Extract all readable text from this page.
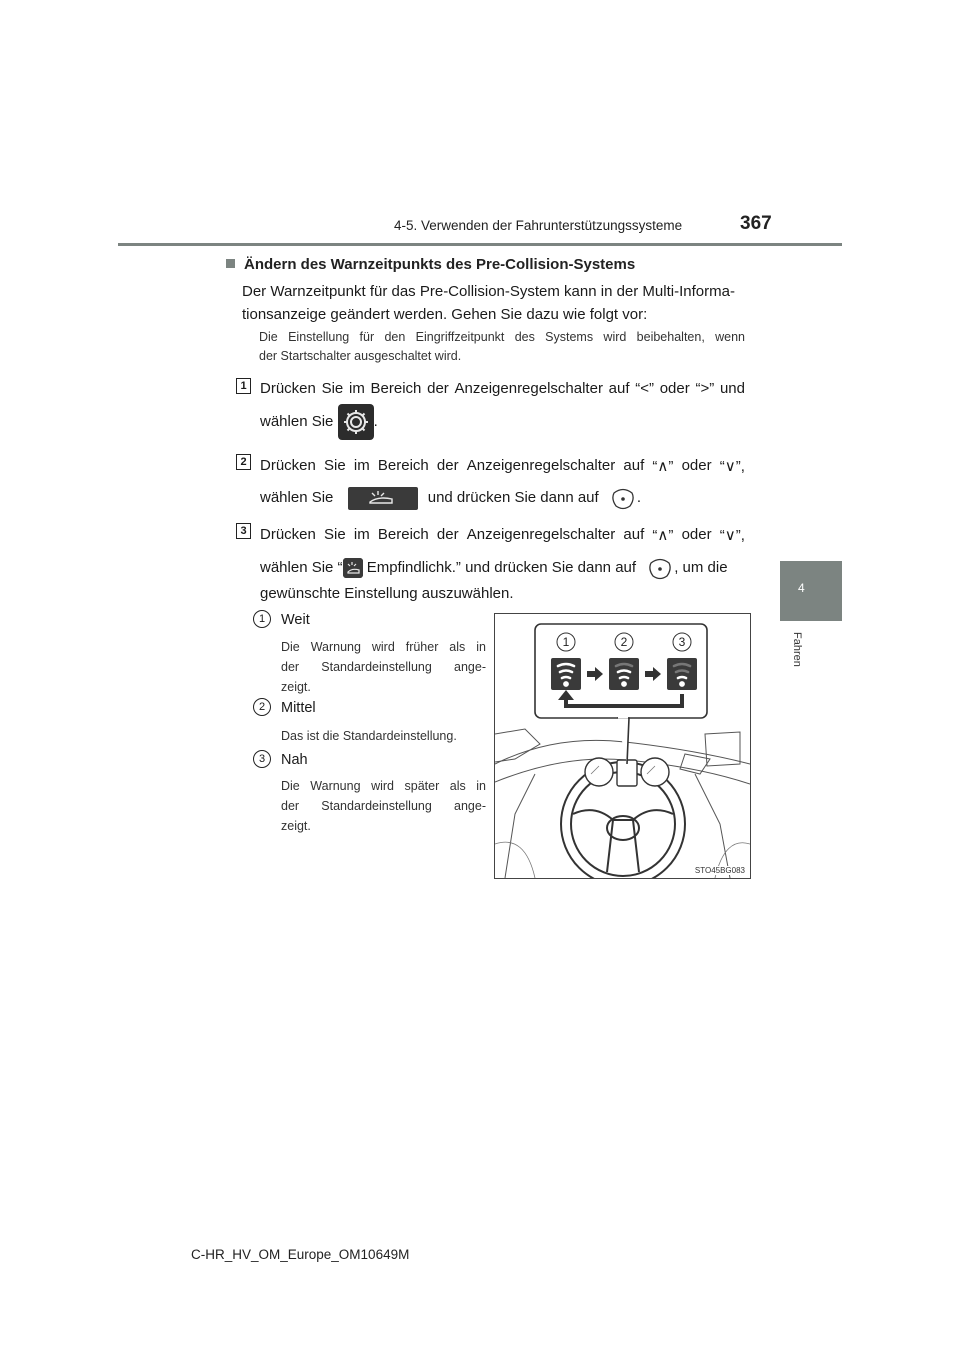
4-5. Verwenden der Fahrunterstützungssysteme	367
4
Fahren
Ändern des Warnzeitpunkts des Pre-Collision-Systems
Der Warnzeitpunkt für das Pre-Collision-System kann in der Multi-Informa-
tionsanzeige geändert werden. Gehen Sie dazu wie folgt vor:
Die Einstellung für den Eingriffzeitpunkt des Systems wird beibehalten, wenn
der Startschalter ausgeschaltet wird.
1 Drücken Sie im Bereich der Anzeigenregelschalter auf “<” oder “>” und
wählen Sie	.
2 Drücken Sie im Bereich der Anzeigenregelschalter auf “∧” oder “∨”,
wählen Sie	und drücken Sie dann auf	.
3 Drücken Sie im Bereich der Anzeigenregelschalter auf “∧” oder “∨”,
wählen Sie “ Empfindlichk.” und drücken Sie dann auf	, um die
gewünschte Einstellung auszuwählen.
1	Weit
Die Warnung wird früher als in
der Standardeinstellung ange-
zeigt.
2	Mittel
Das ist die Standardeinstellung.
3	Nah
Die Warnung wird später als in
der Standardeinstellung ange-
zeigt.
1	2	3
STO45BG083
C-HR_HV_OM_Europe_OM10649M
